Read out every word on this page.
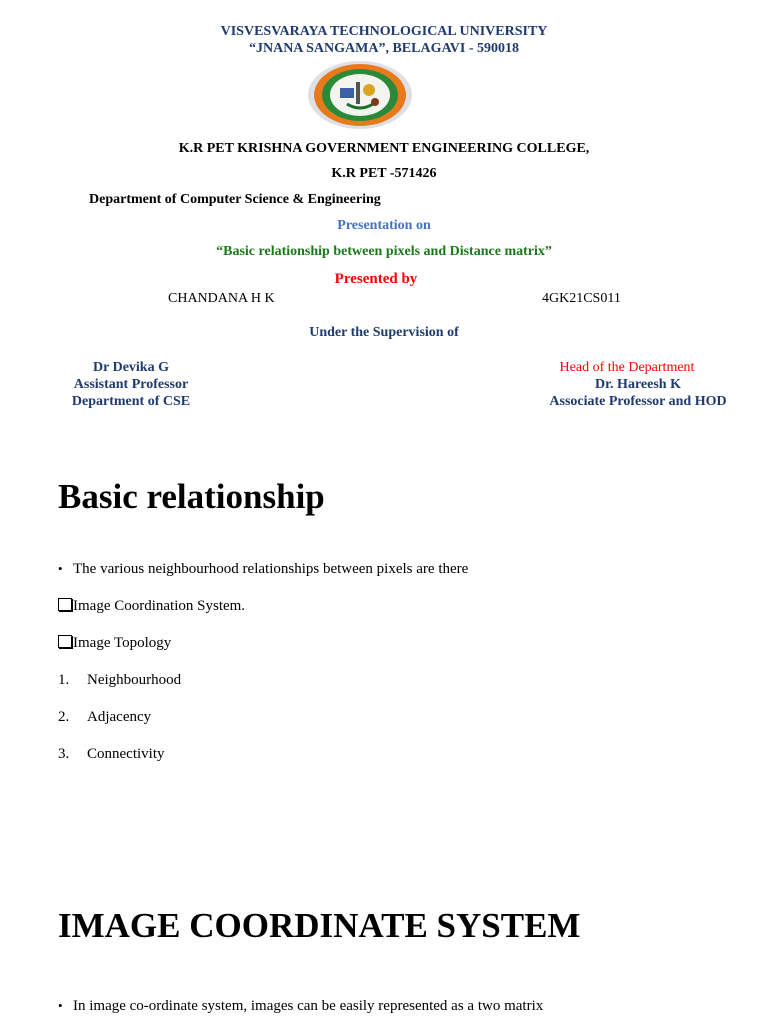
VISVESVARAYA TECHNOLOGICAL UNIVERSITY
“JNANA SANGAMA”, BELAGAVI - 590018
K.R PET KRISHNA GOVERNMENT ENGINEERING COLLEGE,
K.R PET -571426
Department of Computer Science & Engineering
Presentation on
“Basic relationship between pixels and Distance matrix”
Presented by
CHANDANA H K	4GK21CS011
Under the Supervision of
Dr Devika G
Assistant Professor
Department of CSE
Head of the Department
Dr. Hareesh K
Associate Professor and HOD
Basic relationship
• The various neighbourhood relationships between pixels are there
Image Coordination System.
Image Topology
1. Neighbourhood
2. Adjacency
3. Connectivity
IMAGE COORDINATE SYSTEM
• In image co-ordinate system, images can be easily represented as a two matrix
